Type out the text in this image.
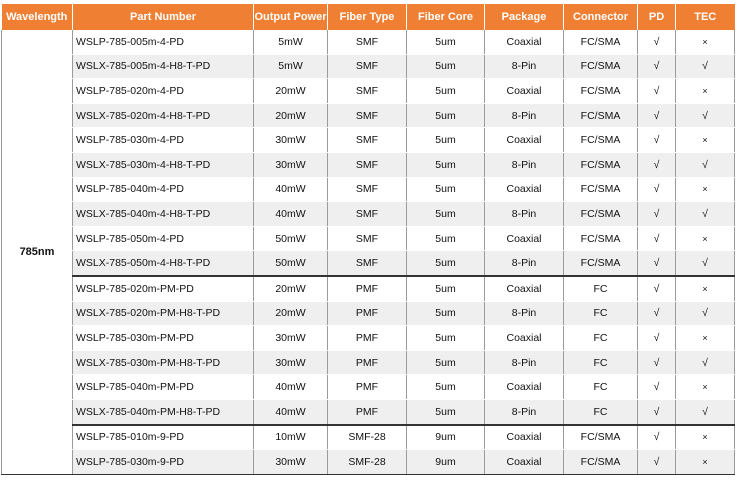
Wavelength	Part Number	Output Power	Fiber Type	Fiber Core	Package	Connector	PD	TEC
785nm	WSLP-785-005m-4-PD	5mW	SMF	5um	Coaxial	FC/SMA	√	×
	WSLX-785-005m-4-H8-T-PD	5mW	SMF	5um	8-Pin	FC/SMA	√	√
	WSLP-785-020m-4-PD	20mW	SMF	5um	Coaxial	FC/SMA	√	×
	WSLX-785-020m-4-H8-T-PD	20mW	SMF	5um	8-Pin	FC/SMA	√	√
	WSLP-785-030m-4-PD	30mW	SMF	5um	Coaxial	FC/SMA	√	×
	WSLX-785-030m-4-H8-T-PD	30mW	SMF	5um	8-Pin	FC/SMA	√	√
	WSLP-785-040m-4-PD	40mW	SMF	5um	Coaxial	FC/SMA	√	×
	WSLX-785-040m-4-H8-T-PD	40mW	SMF	5um	8-Pin	FC/SMA	√	√
	WSLP-785-050m-4-PD	50mW	SMF	5um	Coaxial	FC/SMA	√	×
	WSLX-785-050m-4-H8-T-PD	50mW	SMF	5um	8-Pin	FC/SMA	√	√
	WSLP-785-020m-PM-PD	20mW	PMF	5um	Coaxial	FC	√	×
	WSLX-785-020m-PM-H8-T-PD	20mW	PMF	5um	8-Pin	FC	√	√
	WSLP-785-030m-PM-PD	30mW	PMF	5um	Coaxial	FC	√	×
	WSLX-785-030m-PM-H8-T-PD	30mW	PMF	5um	8-Pin	FC	√	√
	WSLP-785-040m-PM-PD	40mW	PMF	5um	Coaxial	FC	√	×
	WSLX-785-040m-PM-H8-T-PD	40mW	PMF	5um	8-Pin	FC	√	√
	WSLP-785-010m-9-PD	10mW	SMF-28	9um	Coaxial	FC/SMA	√	×
	WSLP-785-030m-9-PD	30mW	SMF-28	9um	Coaxial	FC/SMA	√	×
